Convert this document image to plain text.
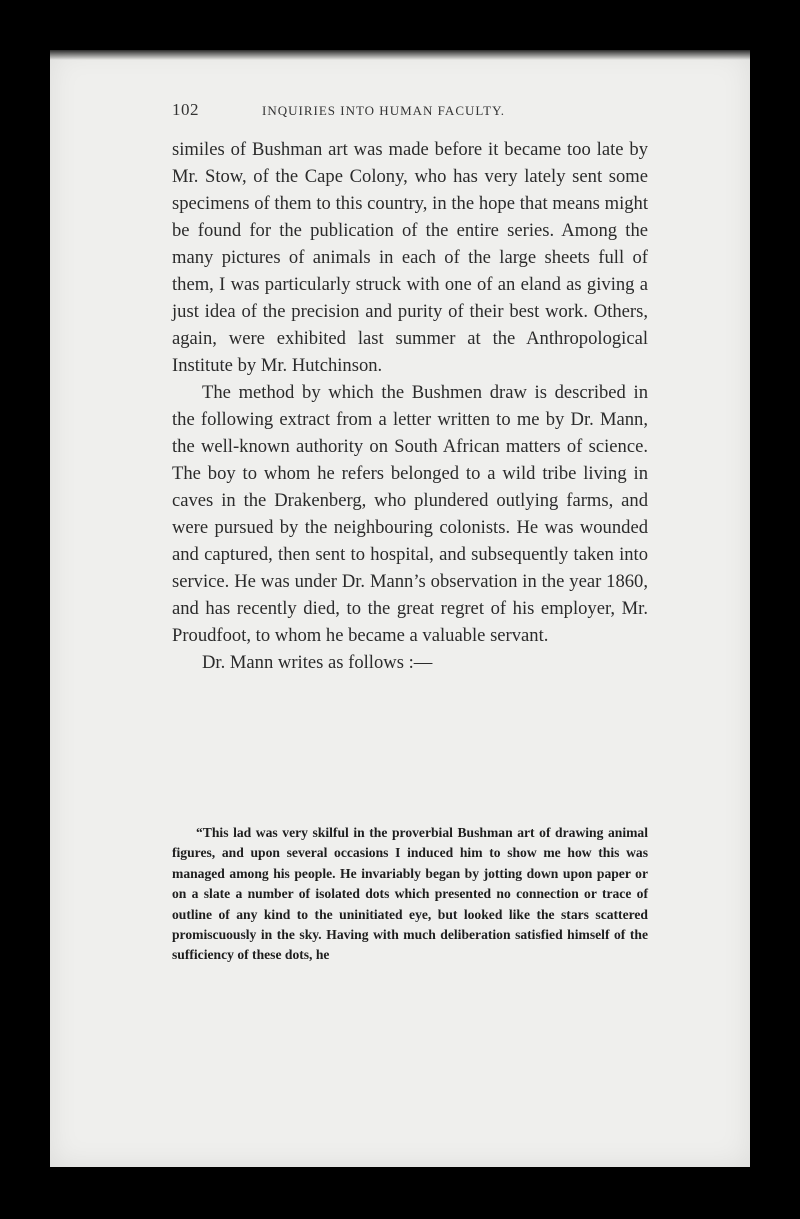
102	INQUIRIES INTO HUMAN FACULTY.

similes of Bushman art was made before it became too late by Mr. Stow, of the Cape Colony, who has very lately sent some specimens of them to this country, in the hope that means might be found for the publication of the entire series. Among the many pictures of animals in each of the large sheets full of them, I was particularly struck with one of an eland as giving a just idea of the precision and purity of their best work. Others, again, were exhibited last summer at the Anthropological Institute by Mr. Hutchinson.

The method by which the Bushmen draw is described in the following extract from a letter written to me by Dr. Mann, the well-known authority on South African matters of science. The boy to whom he refers belonged to a wild tribe living in caves in the Drakenberg, who plundered outlying farms, and were pursued by the neighbouring colonists. He was wounded and captured, then sent to hospital, and subsequently taken into service. He was under Dr. Mann’s observation in the year 1860, and has recently died, to the great regret of his employer, Mr. Proudfoot, to whom he became a valuable servant.

Dr. Mann writes as follows :—

“This lad was very skilful in the proverbial Bushman art of drawing animal figures, and upon several occasions I induced him to show me how this was managed among his people. He invariably began by jotting down upon paper or on a slate a number of isolated dots which presented no connection or trace of outline of any kind to the uninitiated eye, but looked like the stars scattered promiscuously in the sky. Having with much deliberation satisfied himself of the sufficiency of these dots, he
